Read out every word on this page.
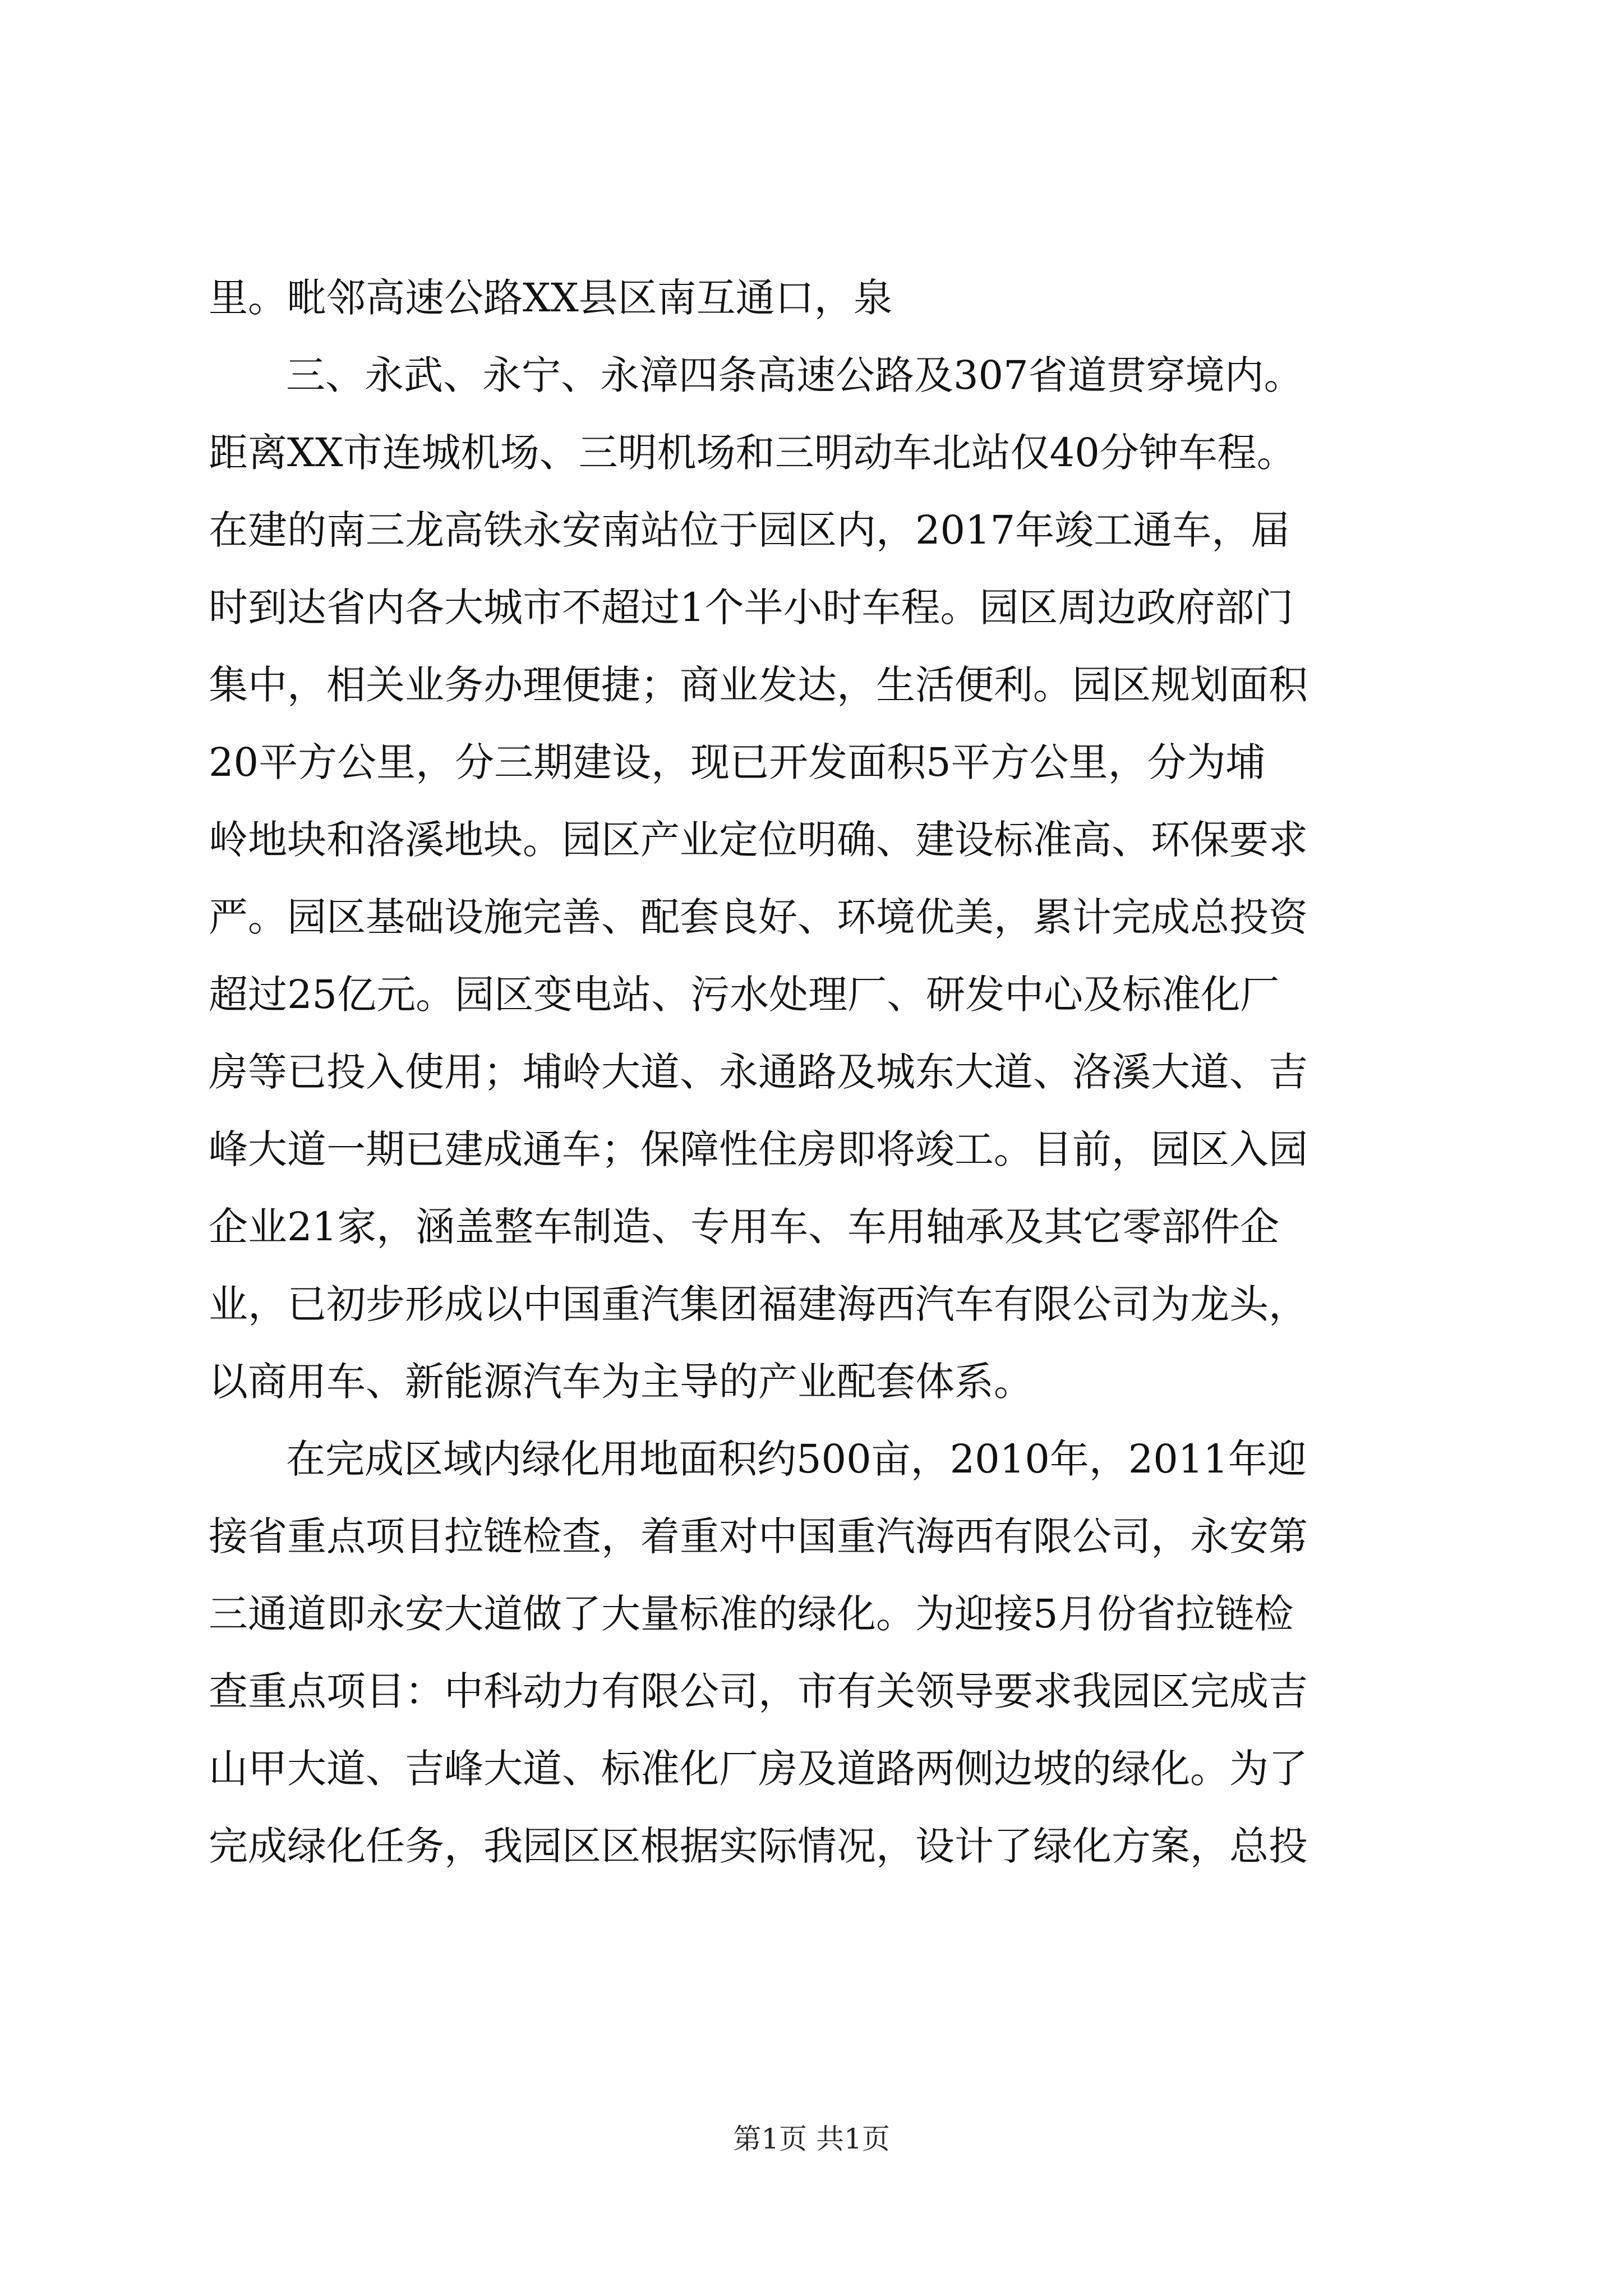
里。毗邻高速公路XX县区南互通口，泉
三、永武、永宁、永漳四条高速公路及307省道贯穿境内。
距离XX市连城机场、三明机场和三明动车北站仅40分钟车程。
在建的南三龙高铁永安南站位于园区内，2017年竣工通车，届
时到达省内各大城市不超过1个半小时车程。园区周边政府部门
集中，相关业务办理便捷；商业发达，生活便利。园区规划面积
20平方公里，分三期建设，现已开发面积5平方公里，分为埔
岭地块和洛溪地块。园区产业定位明确、建设标准高、环保要求
严。园区基础设施完善、配套良好、环境优美，累计完成总投资
超过25亿元。园区变电站、污水处理厂、研发中心及标准化厂
房等已投入使用；埔岭大道、永通路及城东大道、洛溪大道、吉
峰大道一期已建成通车；保障性住房即将竣工。目前，园区入园
企业21家，涵盖整车制造、专用车、车用轴承及其它零部件企
业，已初步形成以中国重汽集团福建海西汽车有限公司为龙头，
以商用车、新能源汽车为主导的产业配套体系。
在完成区域内绿化用地面积约500亩，2010年，2011年迎
接省重点项目拉链检查，着重对中国重汽海西有限公司，永安第
三通道即永安大道做了大量标准的绿化。为迎接5月份省拉链检
查重点项目：中科动力有限公司，市有关领导要求我园区完成吉
山甲大道、吉峰大道、标准化厂房及道路两侧边坡的绿化。为了
完成绿化任务，我园区区根据实际情况，设计了绿化方案，总投
第1页 共1页
